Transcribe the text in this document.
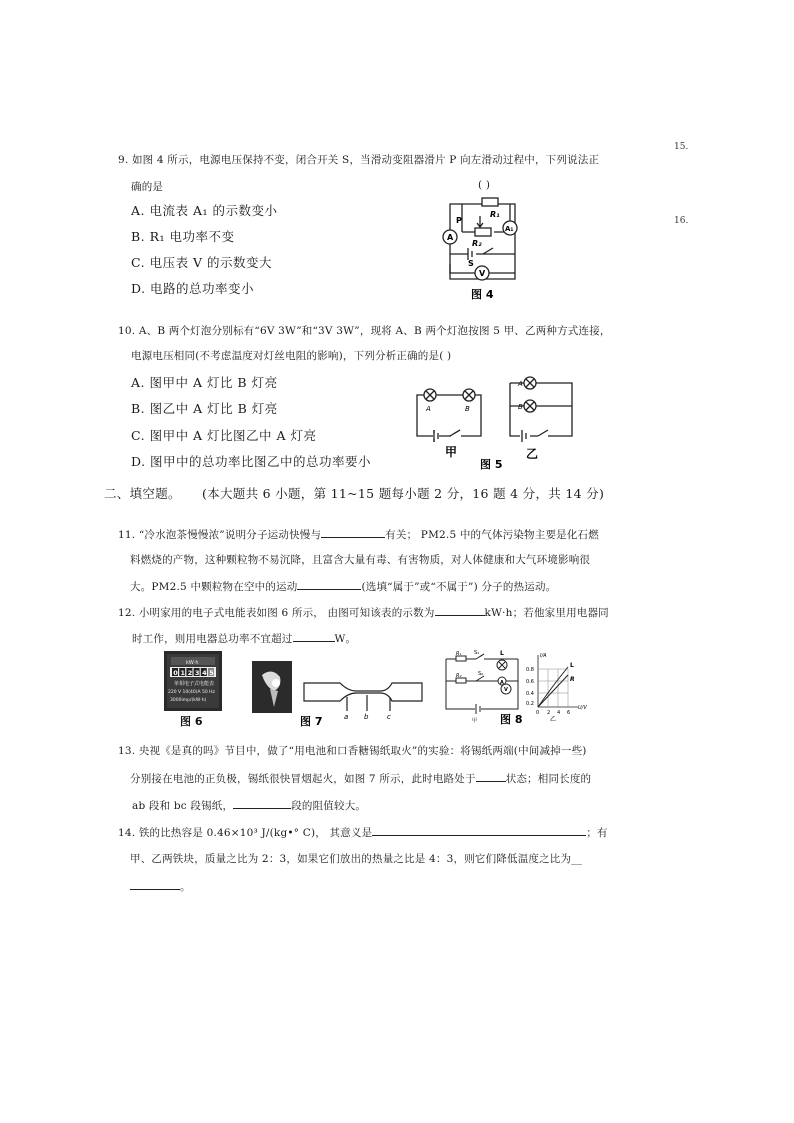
15.
16.
9. 如图 4 所示，电源电压保持不变，闭合开关 S，当滑动变阻器滑片 P 向左滑动过程中，下列说法正
确的是	( )
A. 电流表 A₁ 的示数变小
B. R₁ 电功率不变
C. 电压表 V 的示数变大
D. 电路的总功率变小
R₁
P
R₂
A₁
A
S
V
图 4
10. A、B 两个灯泡分别标有“6V 3W”和“3V 3W”，现将 A、B 两个灯泡按图 5 甲、乙两种方式连接，
电源电压相同(不考虑温度对灯丝电阻的影响)，下列分析正确的是( )
A. 图甲中 A 灯比 B 灯亮
B. 图乙中 A 灯比 B 灯亮
C. 图甲中 A 灯比图乙中 A 灯亮
D. 图甲中的总功率比图乙中的总功率要小
A	B
A
B
甲
图 5
乙
二、填空题。 (本大题共 6 小题，第 11~15 题每小题 2 分，16 题 4 分，共 14 分)
11. “冷水泡茶慢慢浓”说明分子运动快慢与	有关； PM2.5 中的气体污染物主要是化石燃
料燃烧的产物，这种颗粒物不易沉降，且富含大量有毒、有害物质，对人体健康和大气环境影响很
大。PM2.5 中颗粒物在空中的运动	(选填“属于”或“不属于”) 分子的热运动。
12. 小明家用的电子式电能表如图 6 所示， 由图可知该表的示数为	kW·h；若他家里用电器同
时工作，则用电器总功率不宜超过	W。
kW·h
0 1 2 3 4 5
单相电子式电能表
220 V 10(40)A 50 Hz
3000imp/(kW·h)
图 6	a b	c
图 7
R₁	S₁	L
R₂	S₂
A
V
甲 图 8
I/A
U/V
0.8
0.6
0.4
0.2
0 2 4 6
L
R
乙
13. 央视《是真的吗》节目中，做了“用电池和口香糖锡纸取火”的实验：将锡纸两端(中间减掉一些)
分别接在电池的正负极，锡纸很快冒烟起火，如图 7 所示，此时电路处于	状态；相同长度的
ab 段和 bc 段锡纸，	段的阻值较大。
14. 铁的比热容是 0.46×10³ J/(kg•° C)， 其意义是	；有
甲、乙两铁块，质量之比为 2：3，如果它们放出的热量之比是 4：3，则它们降低温度之比为__
。
